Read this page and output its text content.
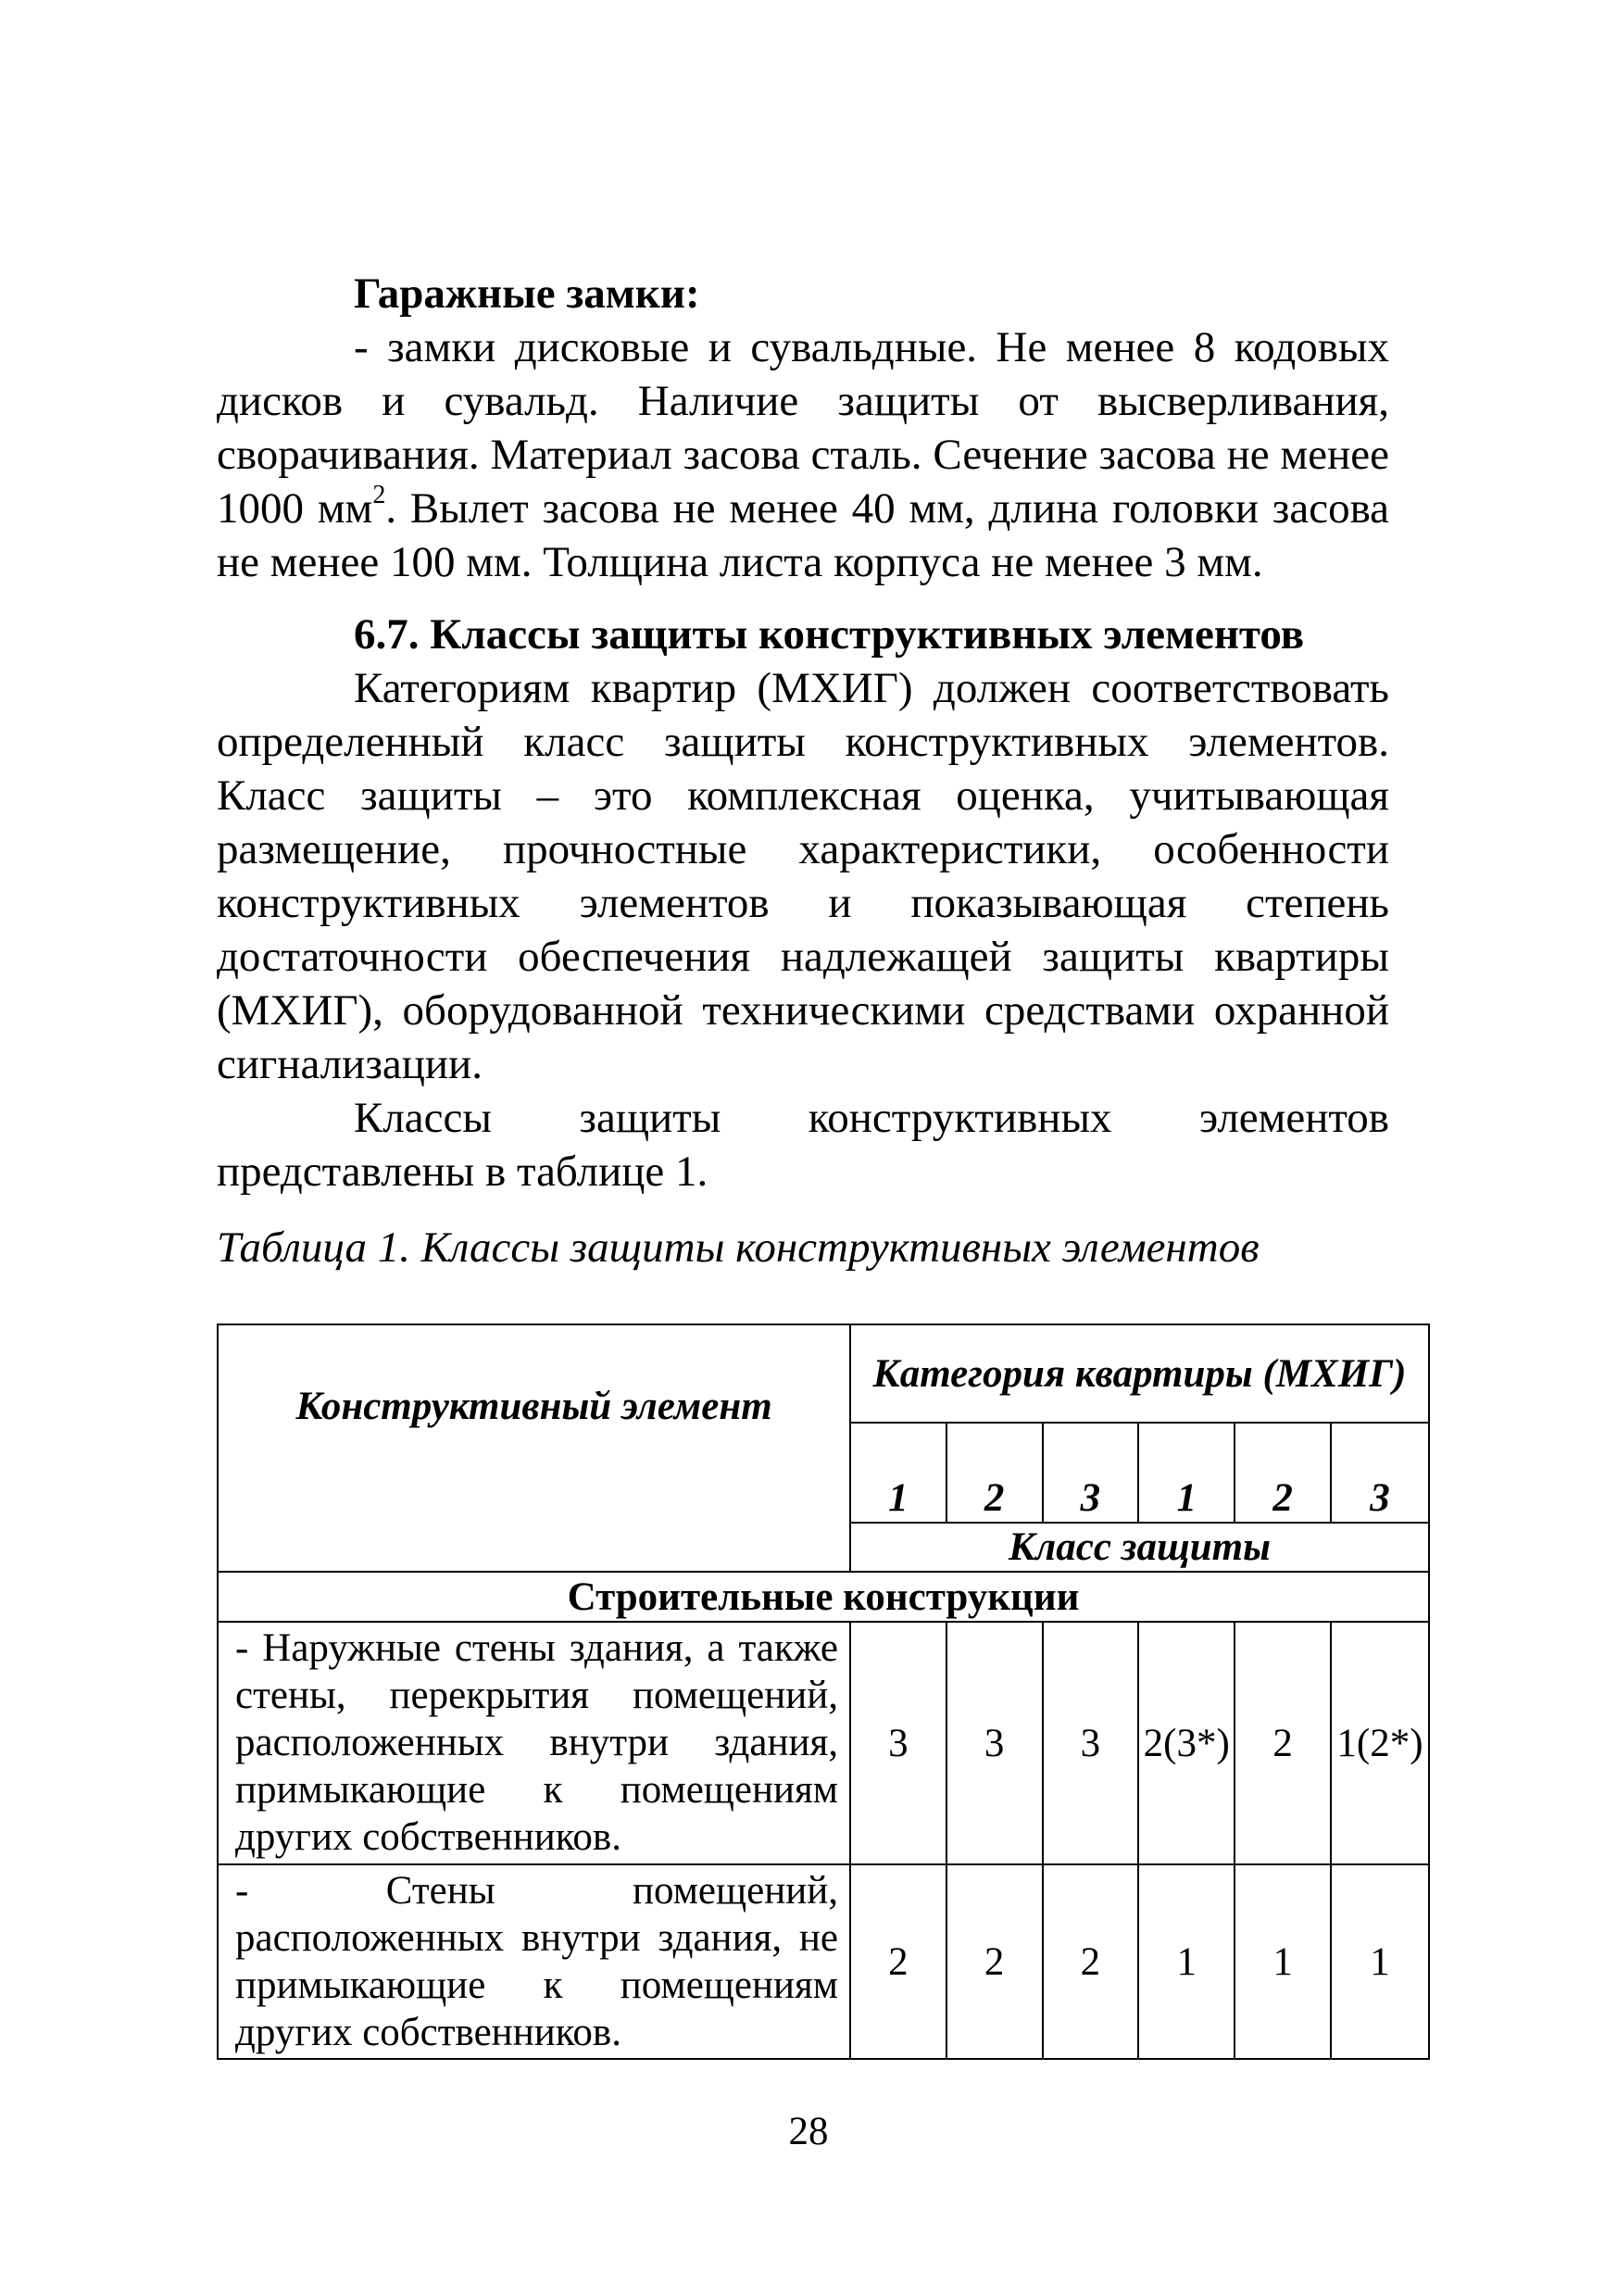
Гаражные замки:

- замки дисковые и сувальдные. Не менее 8 кодовых дисков и сувальд. Наличие защиты от высверливания, сворачивания. Материал засова сталь. Сечение засова не менее 1000 $мм^2$. Вылет засова не менее 40 мм, длина головки засова не менее 100 мм. Толщина листа корпуса не менее 3 мм.

6.7. Классы защиты конструктивных элементов

Категориям квартир (МХИГ) должен соответствовать определенный класс защиты конструктивных элементов. Класс защиты – это комплексная оценка, учитывающая размещение, прочностные характеристики, особенности конструктивных элементов и показывающая степень достаточности обеспечения надлежащей защиты квартиры (МХИГ), оборудованной техническими средствами охранной сигнализации.

Классы защиты конструктивных элементов представлены в таблице 1.

Таблица 1. Классы защиты конструктивных элементов
Конструктивный элемент	Категория квартиры (МХИГ)					
	1	2	3	1	2	3
	Класс защиты					
Строительные конструкции						
- Наружные стены здания, а также стены, перекрытия помещений, расположенных внутри здания, примыкающие к помещениям других собственников.	3	3	3	2(3*)	2	1(2*)
- Стены помещений, расположенных внутри здания, не примыкающие к помещениям других собственников.	2	2	2	1	1	1
28
